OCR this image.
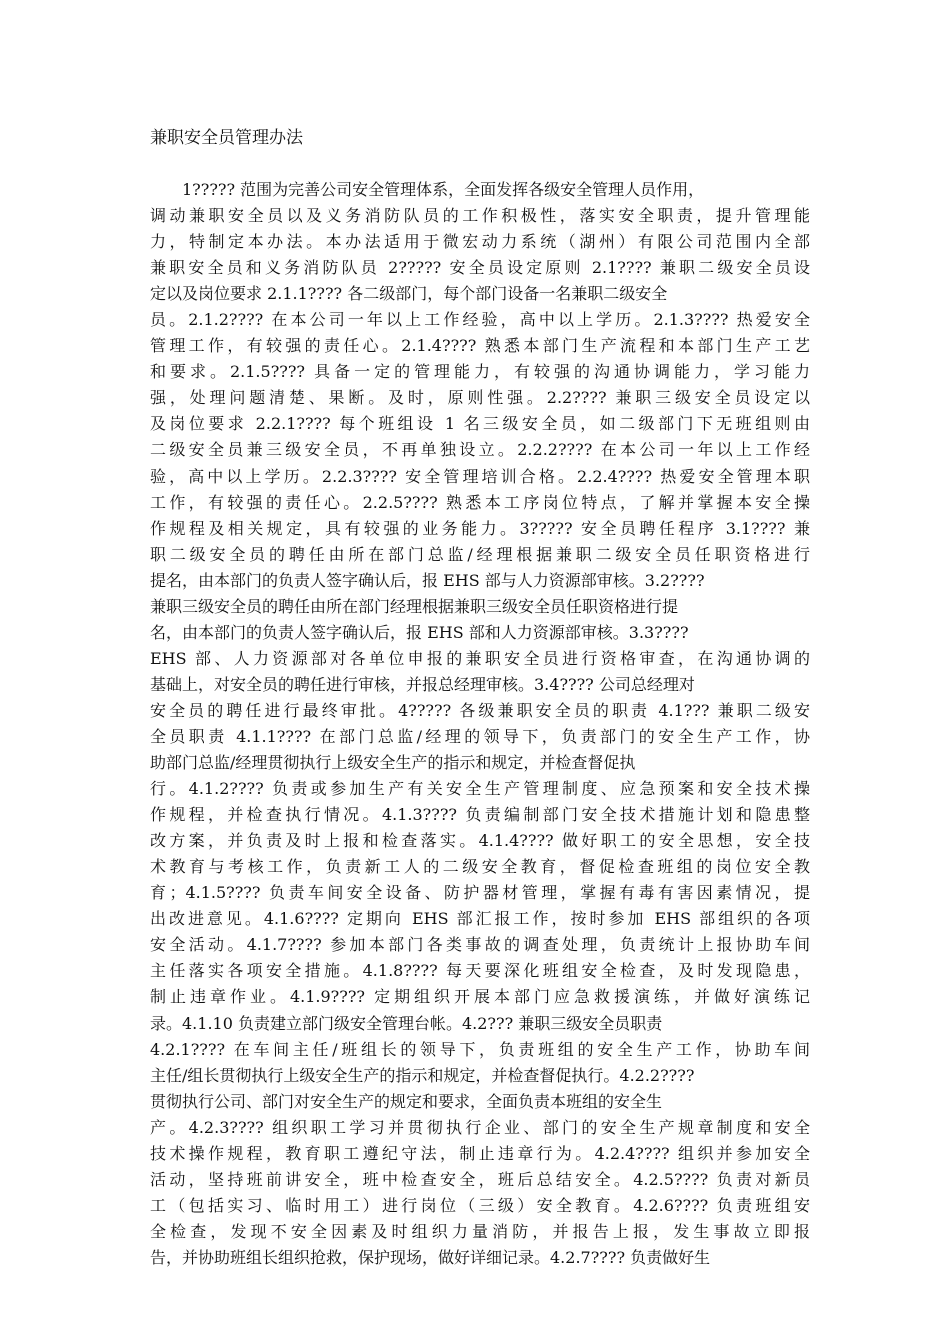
兼职安全员管理办法
1????? 范围为完善公司安全管理体系，全面发挥各级安全管理人员作用，
调动兼职安全员以及义务消防队员的工作积极性，落实安全职责，提升管理能
力，特制定本办法。本办法适用于微宏动力系统（湖州）有限公司范围内全部
兼职安全员和义务消防队员 2????? 安全员设定原则 2.1???? 兼职二级安全员设
定以及岗位要求 2.1.1???? 各二级部门，每个部门设备一名兼职二级安全
员。2.1.2???? 在本公司一年以上工作经验，高中以上学历。2.1.3???? 热爱安全
管理工作，有较强的责任心。2.1.4???? 熟悉本部门生产流程和本部门生产工艺
和要求。2.1.5???? 具备一定的管理能力，有较强的沟通协调能力，学习能力
强，处理问题清楚、果断。及时，原则性强。2.2???? 兼职三级安全员设定以
及岗位要求 2.2.1???? 每个班组设 1 名三级安全员，如二级部门下无班组则由
二级安全员兼三级安全员，不再单独设立。2.2.2???? 在本公司一年以上工作经
验，高中以上学历。2.2.3???? 安全管理培训合格。2.2.4???? 热爱安全管理本职
工作，有较强的责任心。2.2.5???? 熟悉本工序岗位特点，了解并掌握本安全操
作规程及相关规定，具有较强的业务能力。3????? 安全员聘任程序 3.1???? 兼
职二级安全员的聘任由所在部门总监/经理根据兼职二级安全员任职资格进行
提名，由本部门的负责人签字确认后，报 EHS 部与人力资源部审核。3.2????
兼职三级安全员的聘任由所在部门经理根据兼职三级安全员任职资格进行提
名，由本部门的负责人签字确认后，报 EHS 部和人力资源部审核。3.3????
EHS 部、人力资源部对各单位申报的兼职安全员进行资格审查，在沟通协调的
基础上，对安全员的聘任进行审核，并报总经理审核。3.4???? 公司总经理对
安全员的聘任进行最终审批。4????? 各级兼职安全员的职责 4.1??? 兼职二级安
全员职责 4.1.1???? 在部门总监/经理的领导下，负责部门的安全生产工作，协
助部门总监/经理贯彻执行上级安全生产的指示和规定，并检查督促执
行。4.1.2???? 负责或参加生产有关安全生产管理制度、应急预案和安全技术操
作规程，并检查执行情况。4.1.3???? 负责编制部门安全技术措施计划和隐患整
改方案，并负责及时上报和检查落实。4.1.4???? 做好职工的安全思想，安全技
术教育与考核工作，负责新工人的二级安全教育，督促检查班组的岗位安全教
育；4.1.5???? 负责车间安全设备、防护器材管理，掌握有毒有害因素情况，提
出改进意见。4.1.6???? 定期向 EHS 部汇报工作，按时参加 EHS 部组织的各项
安全活动。4.1.7???? 参加本部门各类事故的调查处理，负责统计上报协助车间
主任落实各项安全措施。4.1.8???? 每天要深化班组安全检查，及时发现隐患，
制止违章作业。4.1.9???? 定期组织开展本部门应急救援演练，并做好演练记
录。4.1.10 负责建立部门级安全管理台帐。4.2??? 兼职三级安全员职责
4.2.1???? 在车间主任/班组长的领导下，负责班组的安全生产工作，协助车间
主任/组长贯彻执行上级安全生产的指示和规定，并检查督促执行。4.2.2????
贯彻执行公司、部门对安全生产的规定和要求，全面负责本班组的安全生
产。4.2.3???? 组织职工学习并贯彻执行企业、部门的安全生产规章制度和安全
技术操作规程，教育职工遵纪守法，制止违章行为。4.2.4???? 组织并参加安全
活动，坚持班前讲安全，班中检查安全，班后总结安全。4.2.5???? 负责对新员
工（包括实习、临时用工）进行岗位（三级）安全教育。4.2.6???? 负责班组安
全检查，发现不安全因素及时组织力量消防，并报告上报，发生事故立即报
告，并协助班组长组织抢救，保护现场，做好详细记录。4.2.7???? 负责做好生
